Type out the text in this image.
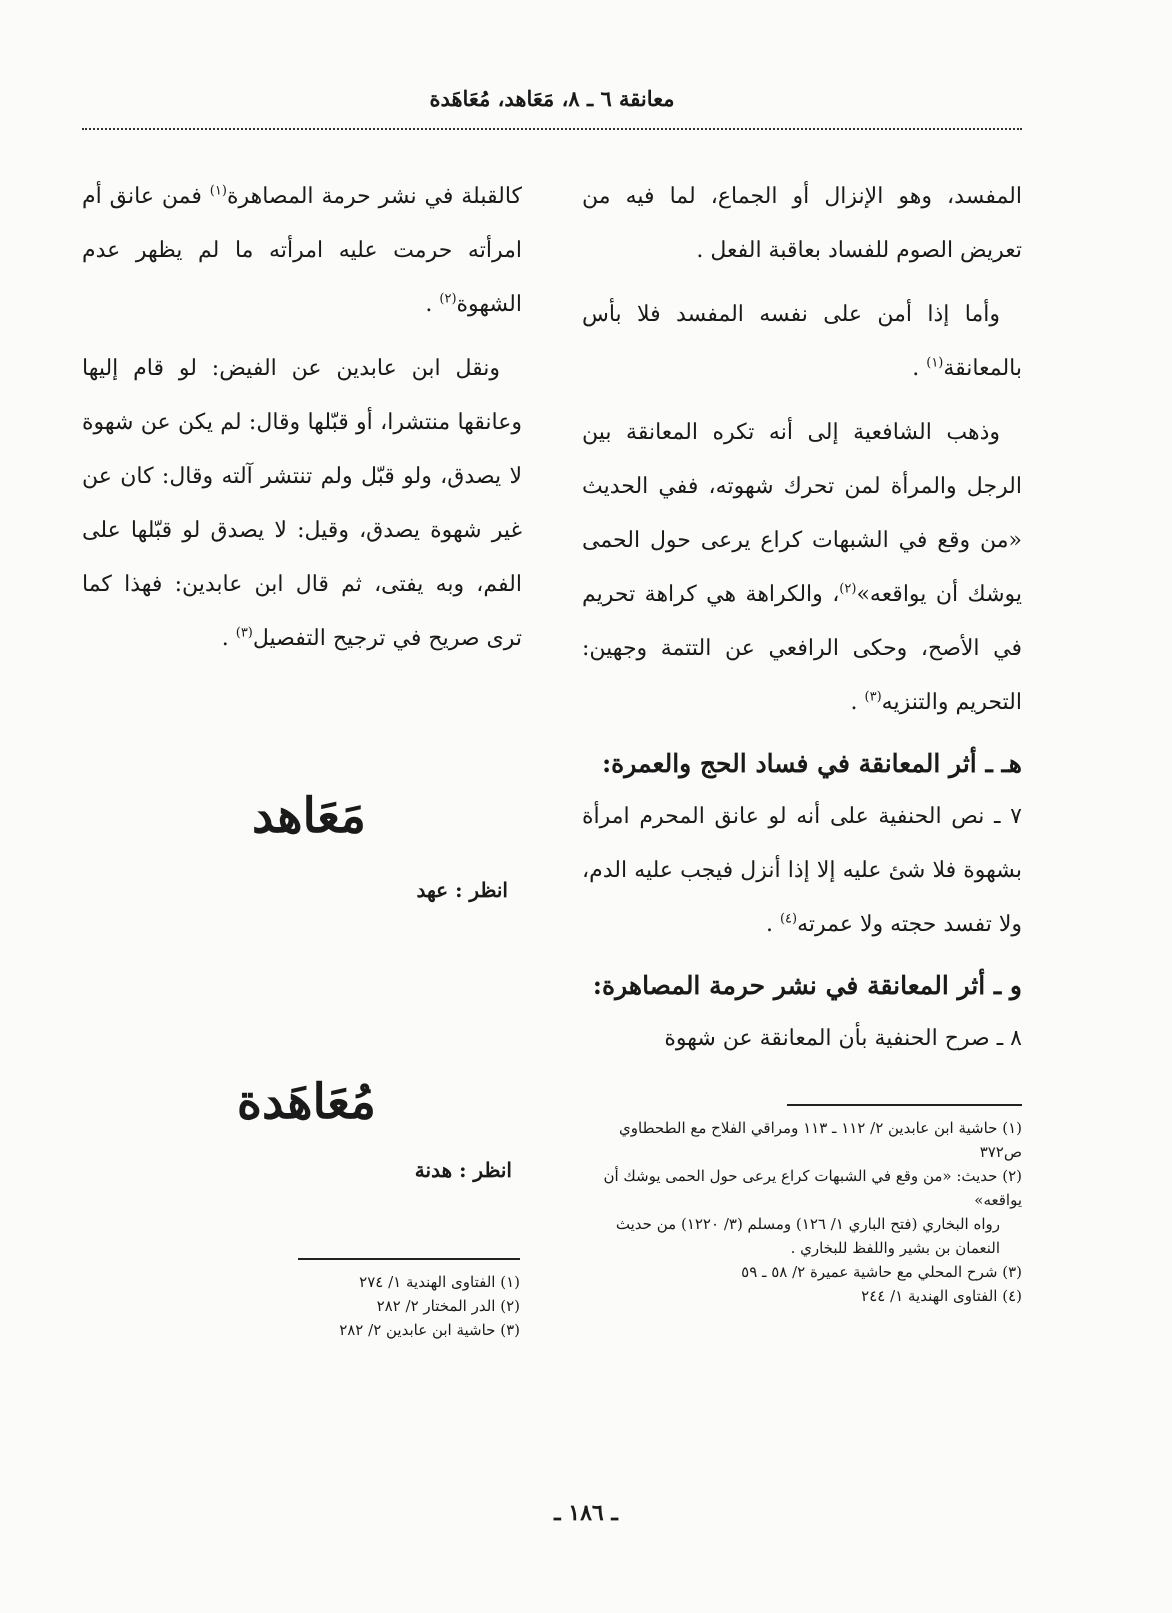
معانقة ٦ ـ ٨، مَعَاهد، مُعَاهَدة

المفسد، وهو الإنزال أو الجماع، لما فيه من تعريض الصوم للفساد بعاقبة الفعل .

وأما إذا أمن على نفسه المفسد فلا بأس بالمعانقة$^{(١)}$ .

وذهب الشافعية إلى أنه تكره المعانقة بين الرجل والمرأة لمن تحرك شهوته، ففي الحديث «من وقع في الشبهات كراع يرعى حول الحمى يوشك أن يواقعه»$^{(٢)}$، والكراهة هي كراهة تحريم في الأصح، وحكى الرافعي عن التتمة وجهين: التحريم والتنزيه$^{(٣)}$ .

هـ ـ أثر المعانقة في فساد الحج والعمرة:

٧ ـ نص الحنفية على أنه لو عانق المحرم امرأة بشهوة فلا شئ عليه إلا إذا أنزل فيجب عليه الدم، ولا تفسد حجته ولا عمرته$^{(٤)}$ .

و ـ أثر المعانقة في نشر حرمة المصاهرة:

٨ ـ صرح الحنفية بأن المعانقة عن شهوة

(١) حاشية ابن عابدين ٢/ ١١٢ ـ ١١٣ ومراقي الفلاح مع الطحطاوي ص٣٧٢

(٢) حديث: «من وقع في الشبهات كراع يرعى حول الحمى يوشك أن يواقعه»

رواه البخاري (فتح الباري ١/ ١٢٦) ومسلم (٣/ ١٢٢٠) من حديث النعمان بن بشير واللفظ للبخاري .

(٣) شرح المحلي مع حاشية عميرة ٢/ ٥٨ ـ ٥٩

(٤) الفتاوى الهندية ١/ ٢٤٤

كالقبلة في نشر حرمة المصاهرة$^{(١)}$ فمن عانق أم امرأته حرمت عليه امرأته ما لم يظهر عدم الشهوة$^{(٢)}$ .

ونقل ابن عابدين عن الفيض: لو قام إليها وعانقها منتشرا، أو قبّلها وقال: لم يكن عن شهوة لا يصدق، ولو قبّل ولم تنتشر آلته وقال: كان عن غير شهوة يصدق، وقيل: لا يصدق لو قبّلها على الفم، وبه يفتى، ثم قال ابن عابدين: فهذا كما ترى صريح في ترجيح التفصيل$^{(٣)}$ .

مَعَاهد
انظر : عهد
مُعَاهَدة
انظر : هدنة

(١) الفتاوى الهندية ١/ ٢٧٤

(٢) الدر المختار ٢/ ٢٨٢

(٣) حاشية ابن عابدين ٢/ ٢٨٢

ـ ١٨٦ ـ
